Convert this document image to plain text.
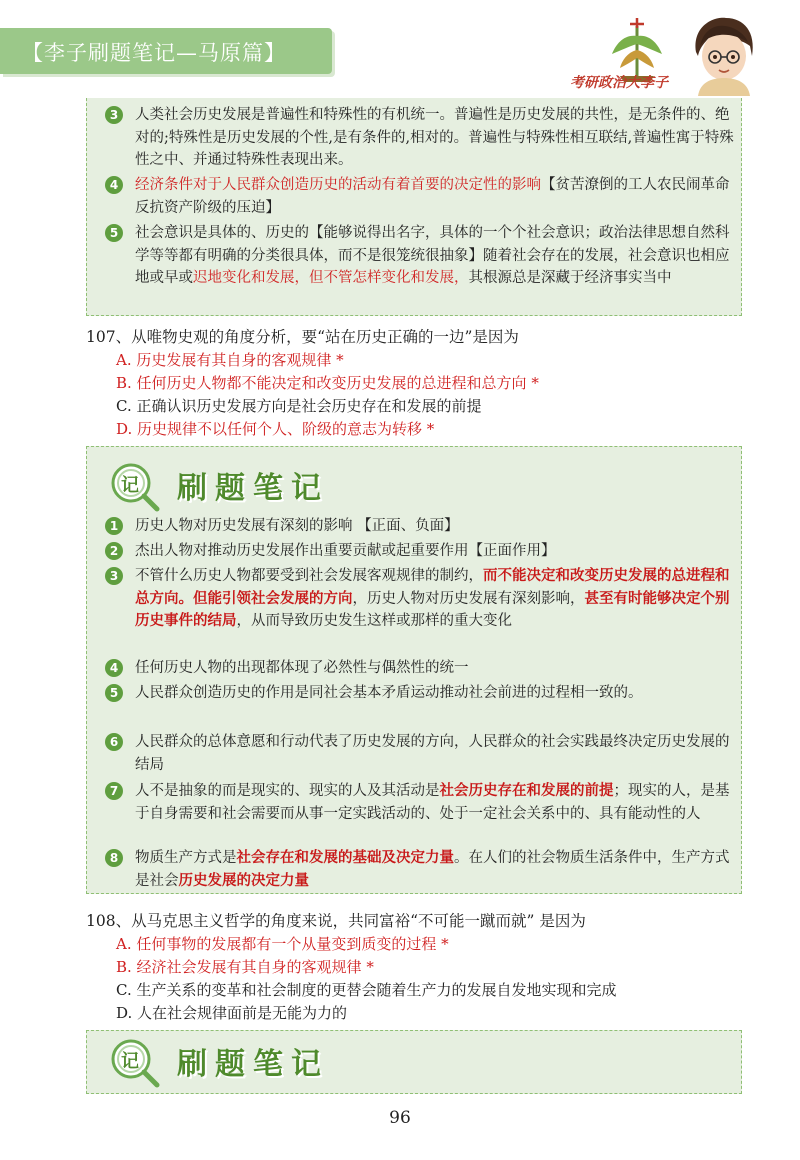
【李子刷题笔记—马原篇】
考研政治大李子
3	人类社会历史发展是普遍性和特殊性的有机统一。普遍性是历史发展的共性，是无条件的、绝对的;特殊性是历史发展的个性,是有条件的,相对的。普遍性与特殊性相互联结,普遍性寓于特殊性之中、并通过特殊性表现出来。

4	经济条件对于人民群众创造历史的活动有着首要的决定性的影响【贫苦潦倒的工人农民闹革命反抗资产阶级的压迫】

5	社会意识是具体的、历史的【能够说得出名字，具体的一个个社会意识；政治法律思想自然科学等等都有明确的分类很具体，而不是很笼统很抽象】随着社会存在的发展，社会意识也相应地或早或迟地变化和发展，但不管怎样变化和发展，其根源总是深藏于经济事实当中

107、从唯物史观的角度分析，要“站在历史正确的一边”是因为
A. 历史发展有其自身的客观规律 *
B. 任何历史人物都不能决定和改变历史发展的总进程和总方向 *
C. 正确认识历史发展方向是社会历史存在和发展的前提
D. 历史规律不以任何个人、阶级的意志为转移 *
记 刷题笔记
1	历史人物对历史发展有深刻的影响 【正面、负面】

2	杰出人物对推动历史发展作出重要贡献或起重要作用【正面作用】

3	不管什么历史人物都要受到社会发展客观规律的制约，而不能决定和改变历史发展的总进程和总方向。但能引领社会发展的方向，历史人物对历史发展有深刻影响，甚至有时能够决定个别历史事件的结局，从而导致历史发生这样或那样的重大变化

4	任何历史人物的出现都体现了必然性与偶然性的统一

5	人民群众创造历史的作用是同社会基本矛盾运动推动社会前进的过程相一致的。

6	人民群众的总体意愿和行动代表了历史发展的方向，人民群众的社会实践最终决定历史发展的结局

7	人不是抽象的而是现实的、现实的人及其活动是社会历史存在和发展的前提；现实的人，是基于自身需要和社会需要而从事一定实践活动的、处于一定社会关系中的、具有能动性的人

8	物质生产方式是社会存在和发展的基础及决定力量。在人们的社会物质生活条件中，生产方式是社会历史发展的决定力量

108、从马克思主义哲学的角度来说，共同富裕“不可能一蹴而就” 是因为
A. 任何事物的发展都有一个从量变到质变的过程 *
B. 经济社会发展有其自身的客观规律 *
C. 生产关系的变革和社会制度的更替会随着生产力的发展自发地实现和完成
D. 人在社会规律面前是无能为力的
记 刷题笔记
96
